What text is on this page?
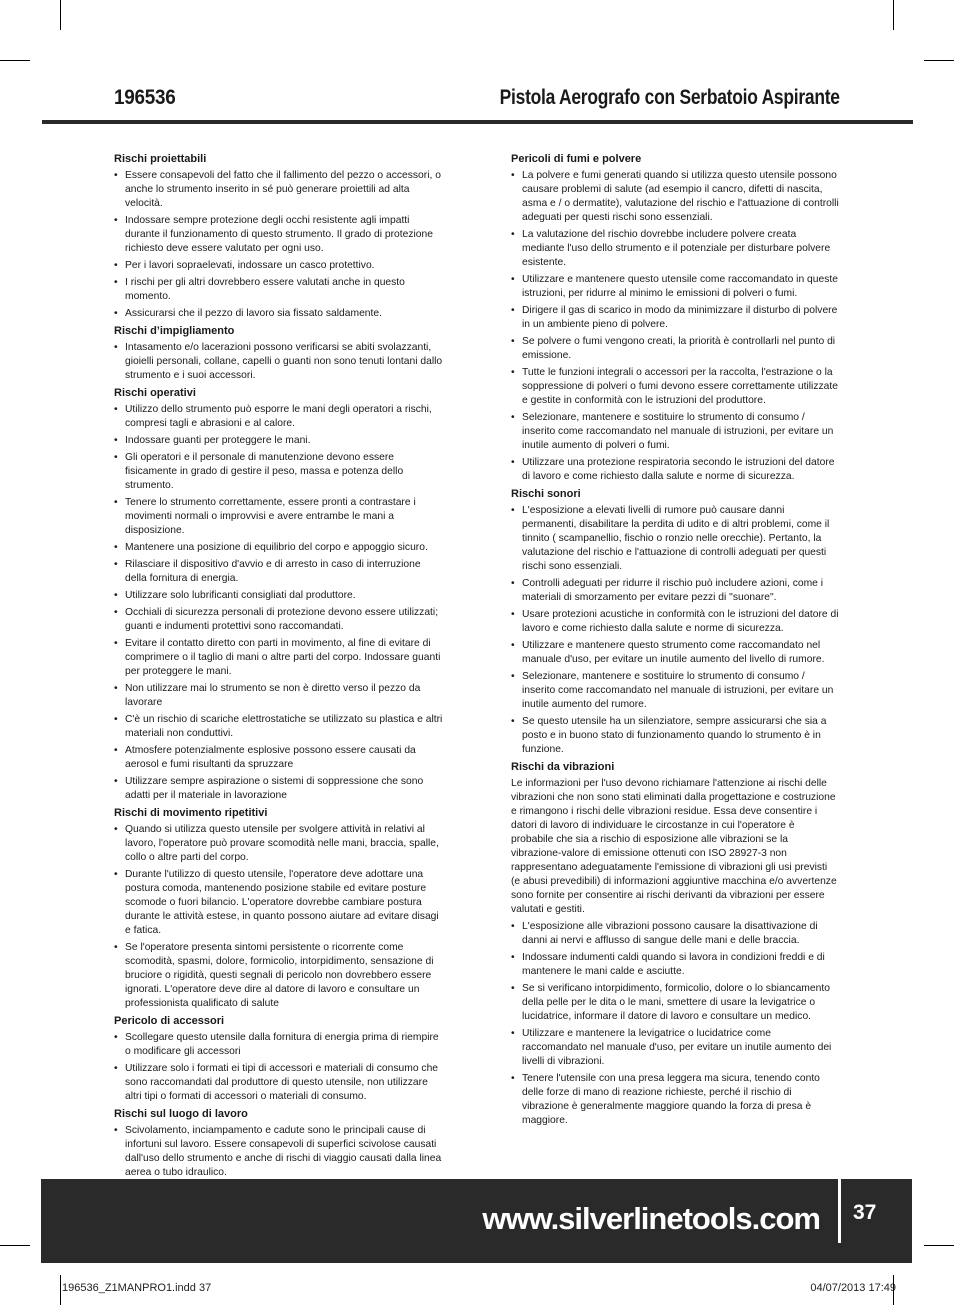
196536	Pistola Aerografo con Serbatoio Aspirante
Rischi proiettabili
• Essere consapevoli del fatto che il fallimento del pezzo o accessori, o anche lo strumento inserito in sé può generare proiettili ad alta velocità.
• Indossare sempre protezione degli occhi resistente agli impatti durante il funzionamento di questo strumento. Il grado di protezione richiesto deve essere valutato per ogni uso.
• Per i lavori sopraelevati, indossare un casco protettivo.
• I rischi per gli altri dovrebbero essere valutati anche in questo momento.
• Assicurarsi che il pezzo di lavoro sia fissato saldamente.
Rischi d’impigliamento
• Intasamento e/o lacerazioni possono verificarsi se abiti svolazzanti, gioielli personali, collane, capelli o guanti non sono tenuti lontani dallo strumento e i suoi accessori.
Rischi operativi
• Utilizzo dello strumento può esporre le mani degli operatori a rischi, compresi tagli e abrasioni e al calore.
• Indossare guanti per proteggere le mani.
• Gli operatori e il personale di manutenzione devono essere fisicamente in grado di gestire il peso, massa e potenza dello strumento.
• Tenere lo strumento correttamente, essere pronti a contrastare i movimenti normali o improvvisi e avere entrambe le mani a disposizione.
• Mantenere una posizione di equilibrio del corpo e appoggio sicuro.
• Rilasciare il dispositivo d'avvio e di arresto in caso di interruzione della fornitura di energia.
• Utilizzare solo lubrificanti consigliati dal produttore.
• Occhiali di sicurezza personali di protezione devono essere utilizzati; guanti e indumenti protettivi sono raccomandati.
• Evitare il contatto diretto con parti in movimento, al fine di evitare di comprimere o il taglio di mani o altre parti del corpo. Indossare guanti per proteggere le mani.
• Non utilizzare mai lo strumento se non è diretto verso il pezzo da lavorare
• C'è un rischio di scariche elettrostatiche se utilizzato su plastica e altri materiali non conduttivi.
• Atmosfere potenzialmente esplosive possono essere causati da aerosol e fumi risultanti da spruzzare
• Utilizzare sempre aspirazione o sistemi di soppressione che sono adatti per il materiale in lavorazione
Rischi di movimento ripetitivi
• Quando si utilizza questo utensile per svolgere attività in relativi al lavoro, l'operatore può provare scomodità nelle mani, braccia, spalle, collo o altre parti del corpo.
• Durante l'utilizzo di questo utensile, l'operatore deve adottare una postura comoda, mantenendo posizione stabile ed evitare posture scomode o fuori bilancio. L'operatore dovrebbe cambiare postura durante le attività estese, in quanto possono aiutare ad evitare disagi e fatica.
• Se l'operatore presenta sintomi persistente o ricorrente come scomodità, spasmi, dolore, formicolio, intorpidimento, sensazione di bruciore o rigidità, questi segnali di pericolo non dovrebbero essere ignorati. L'operatore deve dire al datore di lavoro e consultare un professionista qualificato di salute
Pericolo di accessori
• Scollegare questo utensile dalla fornitura di energia prima di riempire o modificare gli accessori
• Utilizzare solo i formati ei tipi di accessori e materiali di consumo che sono raccomandati dal produttore di questo utensile, non utilizzare altri tipi o formati di accessori o materiali di consumo.
Rischi sul luogo di lavoro
• Scivolamento, inciampamento e cadute sono le principali cause di infortuni sul lavoro. Essere consapevoli di superfici scivolose causati dall'uso dello strumento e anche di rischi di viaggio causati dalla linea aerea o tubo idraulico.
•
Pericoli di fumi e polvere
• La polvere e fumi generati quando si utilizza questo utensile possono causare problemi di salute (ad esempio il cancro, difetti di nascita, asma e / o dermatite), valutazione del rischio e l'attuazione di controlli adeguati per questi rischi sono essenziali.
• La valutazione del rischio dovrebbe includere polvere creata mediante l'uso dello strumento e il potenziale per disturbare polvere esistente.
• Utilizzare e mantenere questo utensile come raccomandato in queste istruzioni, per ridurre al minimo le emissioni di polveri o fumi.
• Dirigere il gas di scarico in modo da minimizzare il disturbo di polvere in un ambiente pieno di polvere.
• Se polvere o fumi vengono creati, la priorità è controllarli nel punto di emissione.
• Tutte le funzioni integrali o accessori per la raccolta, l'estrazione o la soppressione di polveri o fumi devono essere correttamente utilizzate e gestite in conformità con le istruzioni del produttore.
• Selezionare, mantenere e sostituire lo strumento di consumo / inserito come raccomandato nel manuale di istruzioni, per evitare un inutile aumento di polveri o fumi.
• Utilizzare una protezione respiratoria secondo le istruzioni del datore di lavoro e come richiesto dalla salute e norme di sicurezza.
Rischi sonori
• L'esposizione a elevati livelli di rumore può causare danni permanenti, disabilitare la perdita di udito e di altri problemi, come il tinnito ( scampanellio, fischio o ronzio nelle orecchie). Pertanto, la valutazione del rischio e l'attuazione di controlli adeguati per questi rischi sono essenziali.
• Controlli adeguati per ridurre il rischio può includere azioni, come i materiali di smorzamento per evitare pezzi di "suonare".
• Usare protezioni acustiche in conformità con le istruzioni del datore di lavoro e come richiesto dalla salute e norme di sicurezza.
• Utilizzare e mantenere questo strumento come raccomandato nel manuale d'uso, per evitare un inutile aumento del livello di rumore.
• Selezionare, mantenere e sostituire lo strumento di consumo / inserito come raccomandato nel manuale di istruzioni, per evitare un inutile aumento del rumore.
• Se questo utensile ha un silenziatore, sempre assicurarsi che sia a posto e in buono stato di funzionamento quando lo strumento è in funzione.
Rischi da vibrazioni

Le informazioni per l'uso devono richiamare l'attenzione ai rischi delle vibrazioni che non sono stati eliminati dalla progettazione e costruzione e rimangono i rischi delle vibrazioni residue. Essa deve consentire i datori di lavoro di individuare le circostanze in cui l'operatore è probabile che sia a rischio di esposizione alle vibrazioni se la vibrazione-valore di emissione ottenuti con ISO 28927-3 non rappresentano adeguatamente l'emissione di vibrazioni gli usi previsti (e abusi prevedibili) di informazioni aggiuntive macchina e/o avvertenze sono fornite per consentire ai rischi derivanti da vibrazioni per essere valutati e gestiti.

• L'esposizione alle vibrazioni possono causare la disattivazione di danni ai nervi e afflusso di sangue delle mani e delle braccia.
• Indossare indumenti caldi quando si lavora in condizioni freddi e di mantenere le mani calde e asciutte.
• Se si verificano intorpidimento, formicolio, dolore o lo sbiancamento della pelle per le dita o le mani, smettere di usare la levigatrice o lucidatrice, informare il datore di lavoro e consultare un medico.
• Utilizzare e mantenere la levigatrice o lucidatrice come raccomandato nel manuale d'uso, per evitare un inutile aumento dei livelli di vibrazioni.
• Tenere l'utensile con una presa leggera ma sicura, tenendo conto delle forze di mano di reazione richieste, perché il rischio di vibrazione è generalmente maggiore quando la forza di presa è maggiore.
www.silverlinetools.com 37
196536_Z1MANPRO1.indd 37	04/07/2013 17:49
